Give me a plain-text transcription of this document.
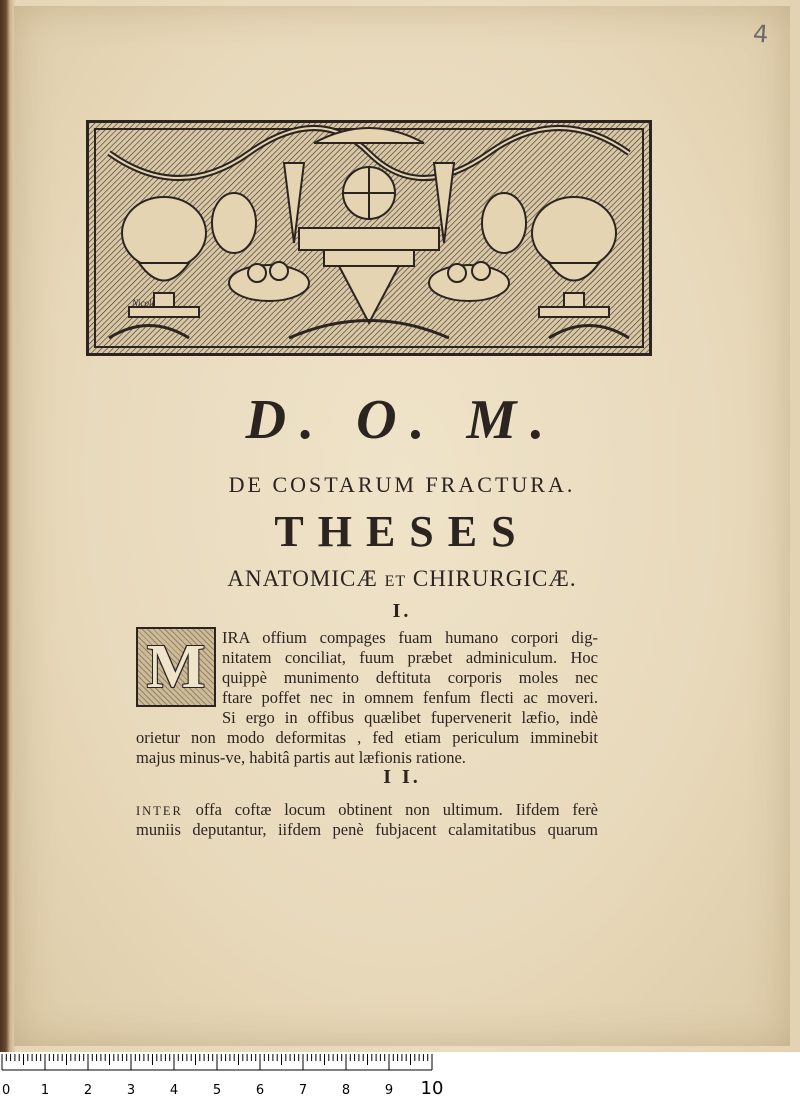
4
Nicoli
D. O. M.
DE COSTARUM FRACTURA.
THESES
ANATOMICÆ ET CHIRURGICÆ.
I.
M IRA offium compages fuam humano corpori dig-
nitatem conciliat, fuum præbet adminiculum. Hoc
quippè munimento deftituta corporis moles nec
ftare poffet nec in omnem fenfum flecti ac moveri.
Si ergo in offibus quælibet fupervenerit læfio, indè
orietur non modo deformitas , fed etiam periculum imminebit
majus minus-ve, habitâ partis aut læfionis ratione.
I I.
INTER offa coftæ locum obtinent non ultimum. Iifdem ferè
muniis deputantur, iifdem penè fubjacent calamitatibus quarum
0 1	2	3	4	5	6	7	8	9 10
